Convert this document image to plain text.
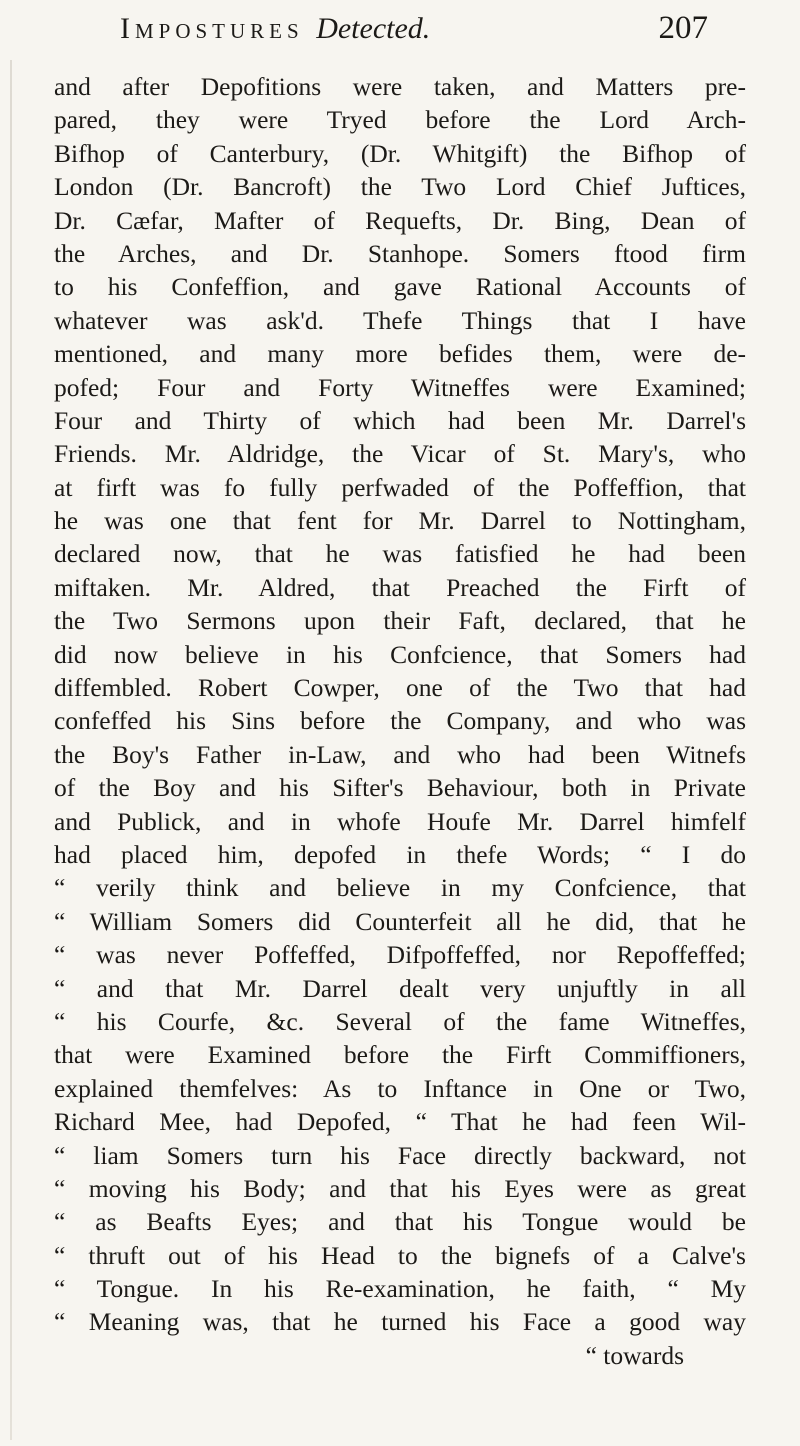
Impostures Detected.	207
and after Depofitions were taken, and Matters pre-
pared, they were Tryed before the Lord Arch-
Bifhop of Canterbury, (Dr. Whitgift) the Bifhop of
London (Dr. Bancroft) the Two Lord Chief Juftices,
Dr. Cæfar, Mafter of Requefts, Dr. Bing, Dean of
the Arches, and Dr. Stanhope. Somers ftood firm
to his Confeffion, and gave Rational Accounts of
whatever was ask'd. Thefe Things that I have
mentioned, and many more befides them, were de-
pofed; Four and Forty Witneffes were Examined;
Four and Thirty of which had been Mr. Darrel's
Friends. Mr. Aldridge, the Vicar of St. Mary's, who
at firft was fo fully perfwaded of the Poffeffion, that
he was one that fent for Mr. Darrel to Nottingham,
declared now, that he was fatisfied he had been
miftaken. Mr. Aldred, that Preached the Firft of
the Two Sermons upon their Faft, declared, that he
did now believe in his Confcience, that Somers had
diffembled. Robert Cowper, one of the Two that had
confeffed his Sins before the Company, and who was
the Boy's Father in-Law, and who had been Witnefs
of the Boy and his Sifter's Behaviour, both in Private
and Publick, and in whofe Houfe Mr. Darrel himfelf
had placed him, depofed in thefe Words; “ I do
“ verily think and believe in my Confcience, that
“ William Somers did Counterfeit all he did, that he
“ was never Poffeffed, Difpoffeffed, nor Repoffeffed;
“ and that Mr. Darrel dealt very unjuftly in all
“ his Courfe, &c. Several of the fame Witneffes,
that were Examined before the Firft Commiffioners,
explained themfelves: As to Inftance in One or Two,
Richard Mee, had Depofed, “ That he had feen Wil-
“ liam Somers turn his Face directly backward, not
“ moving his Body; and that his Eyes were as great
“ as Beafts Eyes; and that his Tongue would be
“ thruft out of his Head to the bignefs of a Calve's
“ Tongue. In his Re-examination, he faith, “ My
“ Meaning was, that he turned his Face a good way
“ towards
